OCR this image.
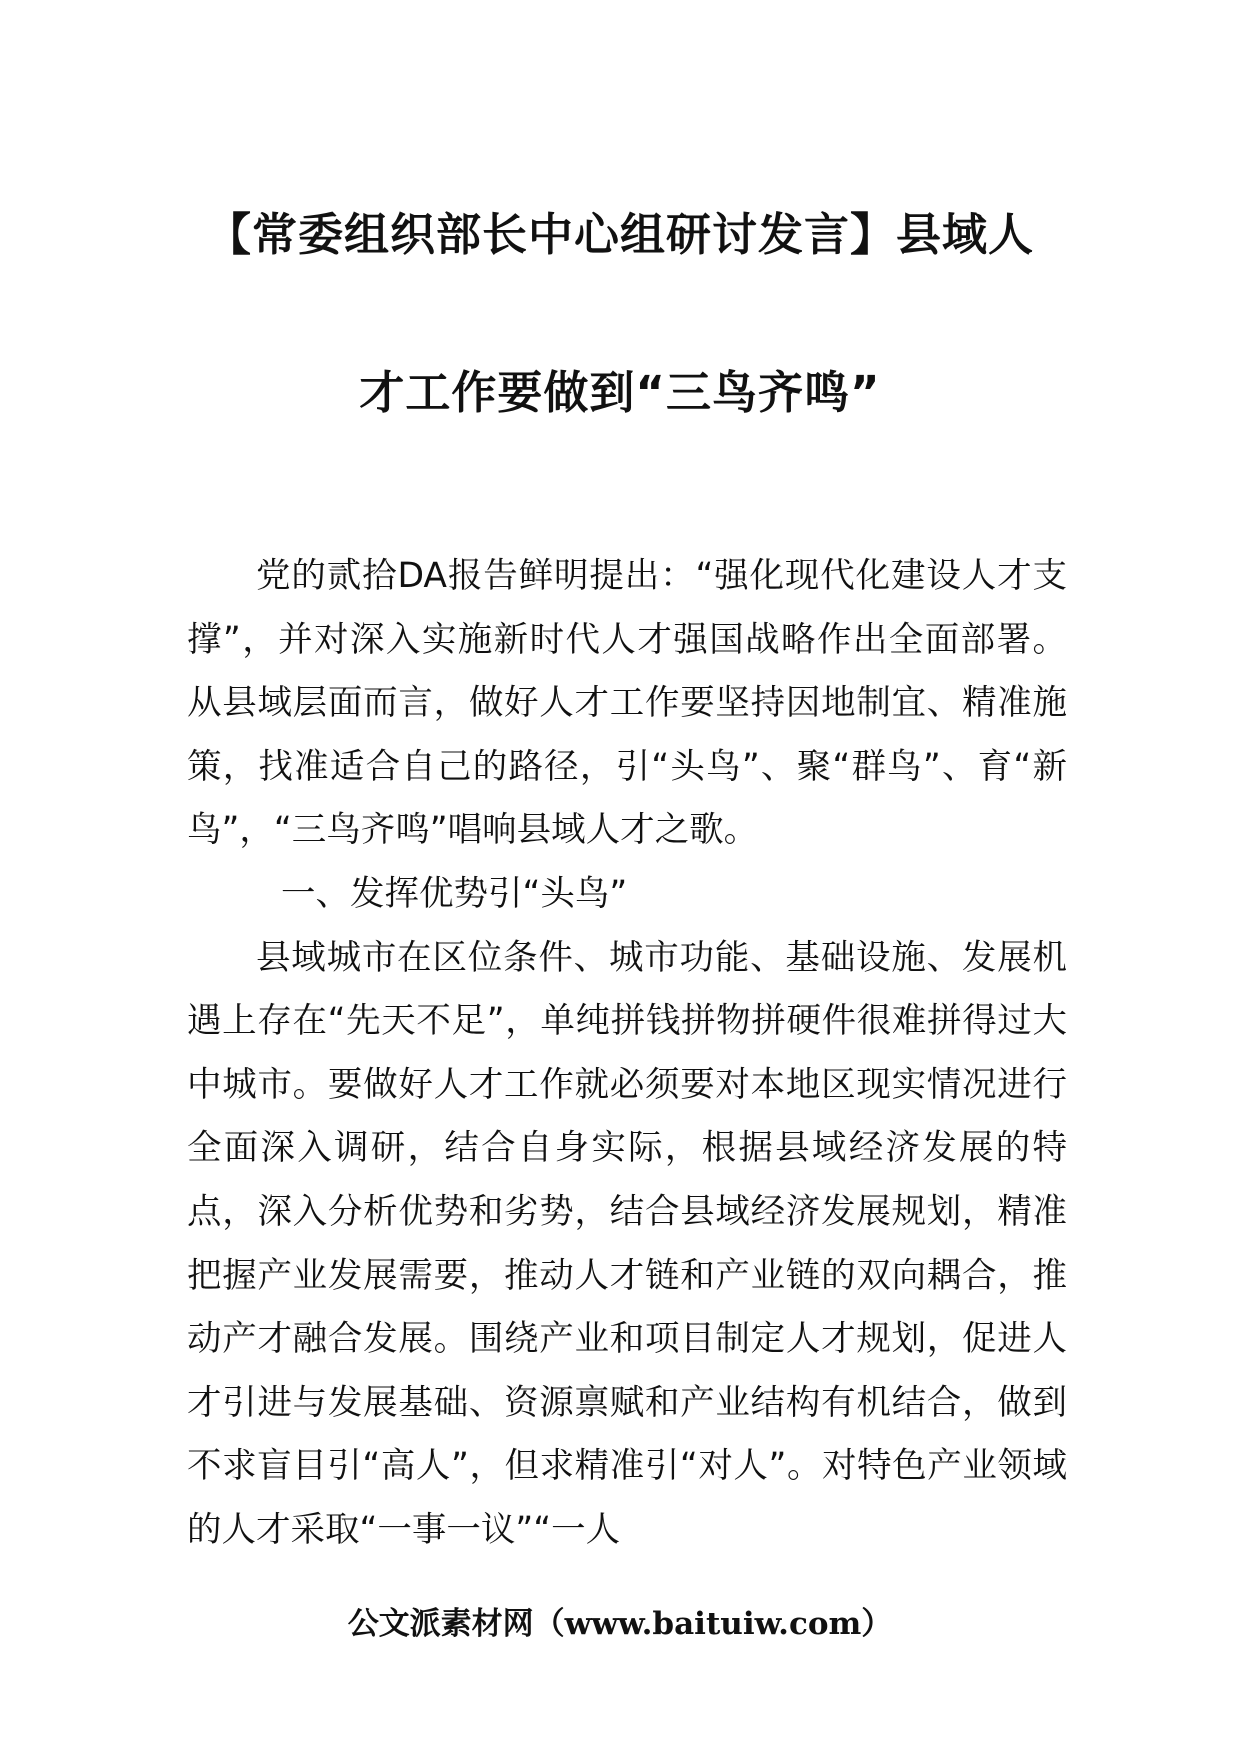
【常委组织部长中心组研讨发言】县域人
才工作要做到“三鸟齐鸣”

党的贰拾DA报告鲜明提出：“强化现代化建设人才支撑”，并对深入实施新时代人才强国战略作出全面部署。从县域层面而言，做好人才工作要坚持因地制宜、精准施策，找准适合自己的路径，引“头鸟”、聚“群鸟”、育“新鸟”，“三鸟齐鸣”唱响县域人才之歌。

一、发挥优势引“头鸟”

县域城市在区位条件、城市功能、基础设施、发展机遇上存在“先天不足”，单纯拼钱拼物拼硬件很难拼得过大中城市。要做好人才工作就必须要对本地区现实情况进行全面深入调研，结合自身实际，根据县域经济发展的特点，深入分析优势和劣势，结合县域经济发展规划，精准把握产业发展需要，推动人才链和产业链的双向耦合，推动产才融合发展。围绕产业和项目制定人才规划，促进人才引进与发展基础、资源禀赋和产业结构有机结合，做到不求盲目引“高人”，但求精准引“对人”。对特色产业领域的人才采取“一事一议”“一人

公文派素材网（www.baituiw.com）
